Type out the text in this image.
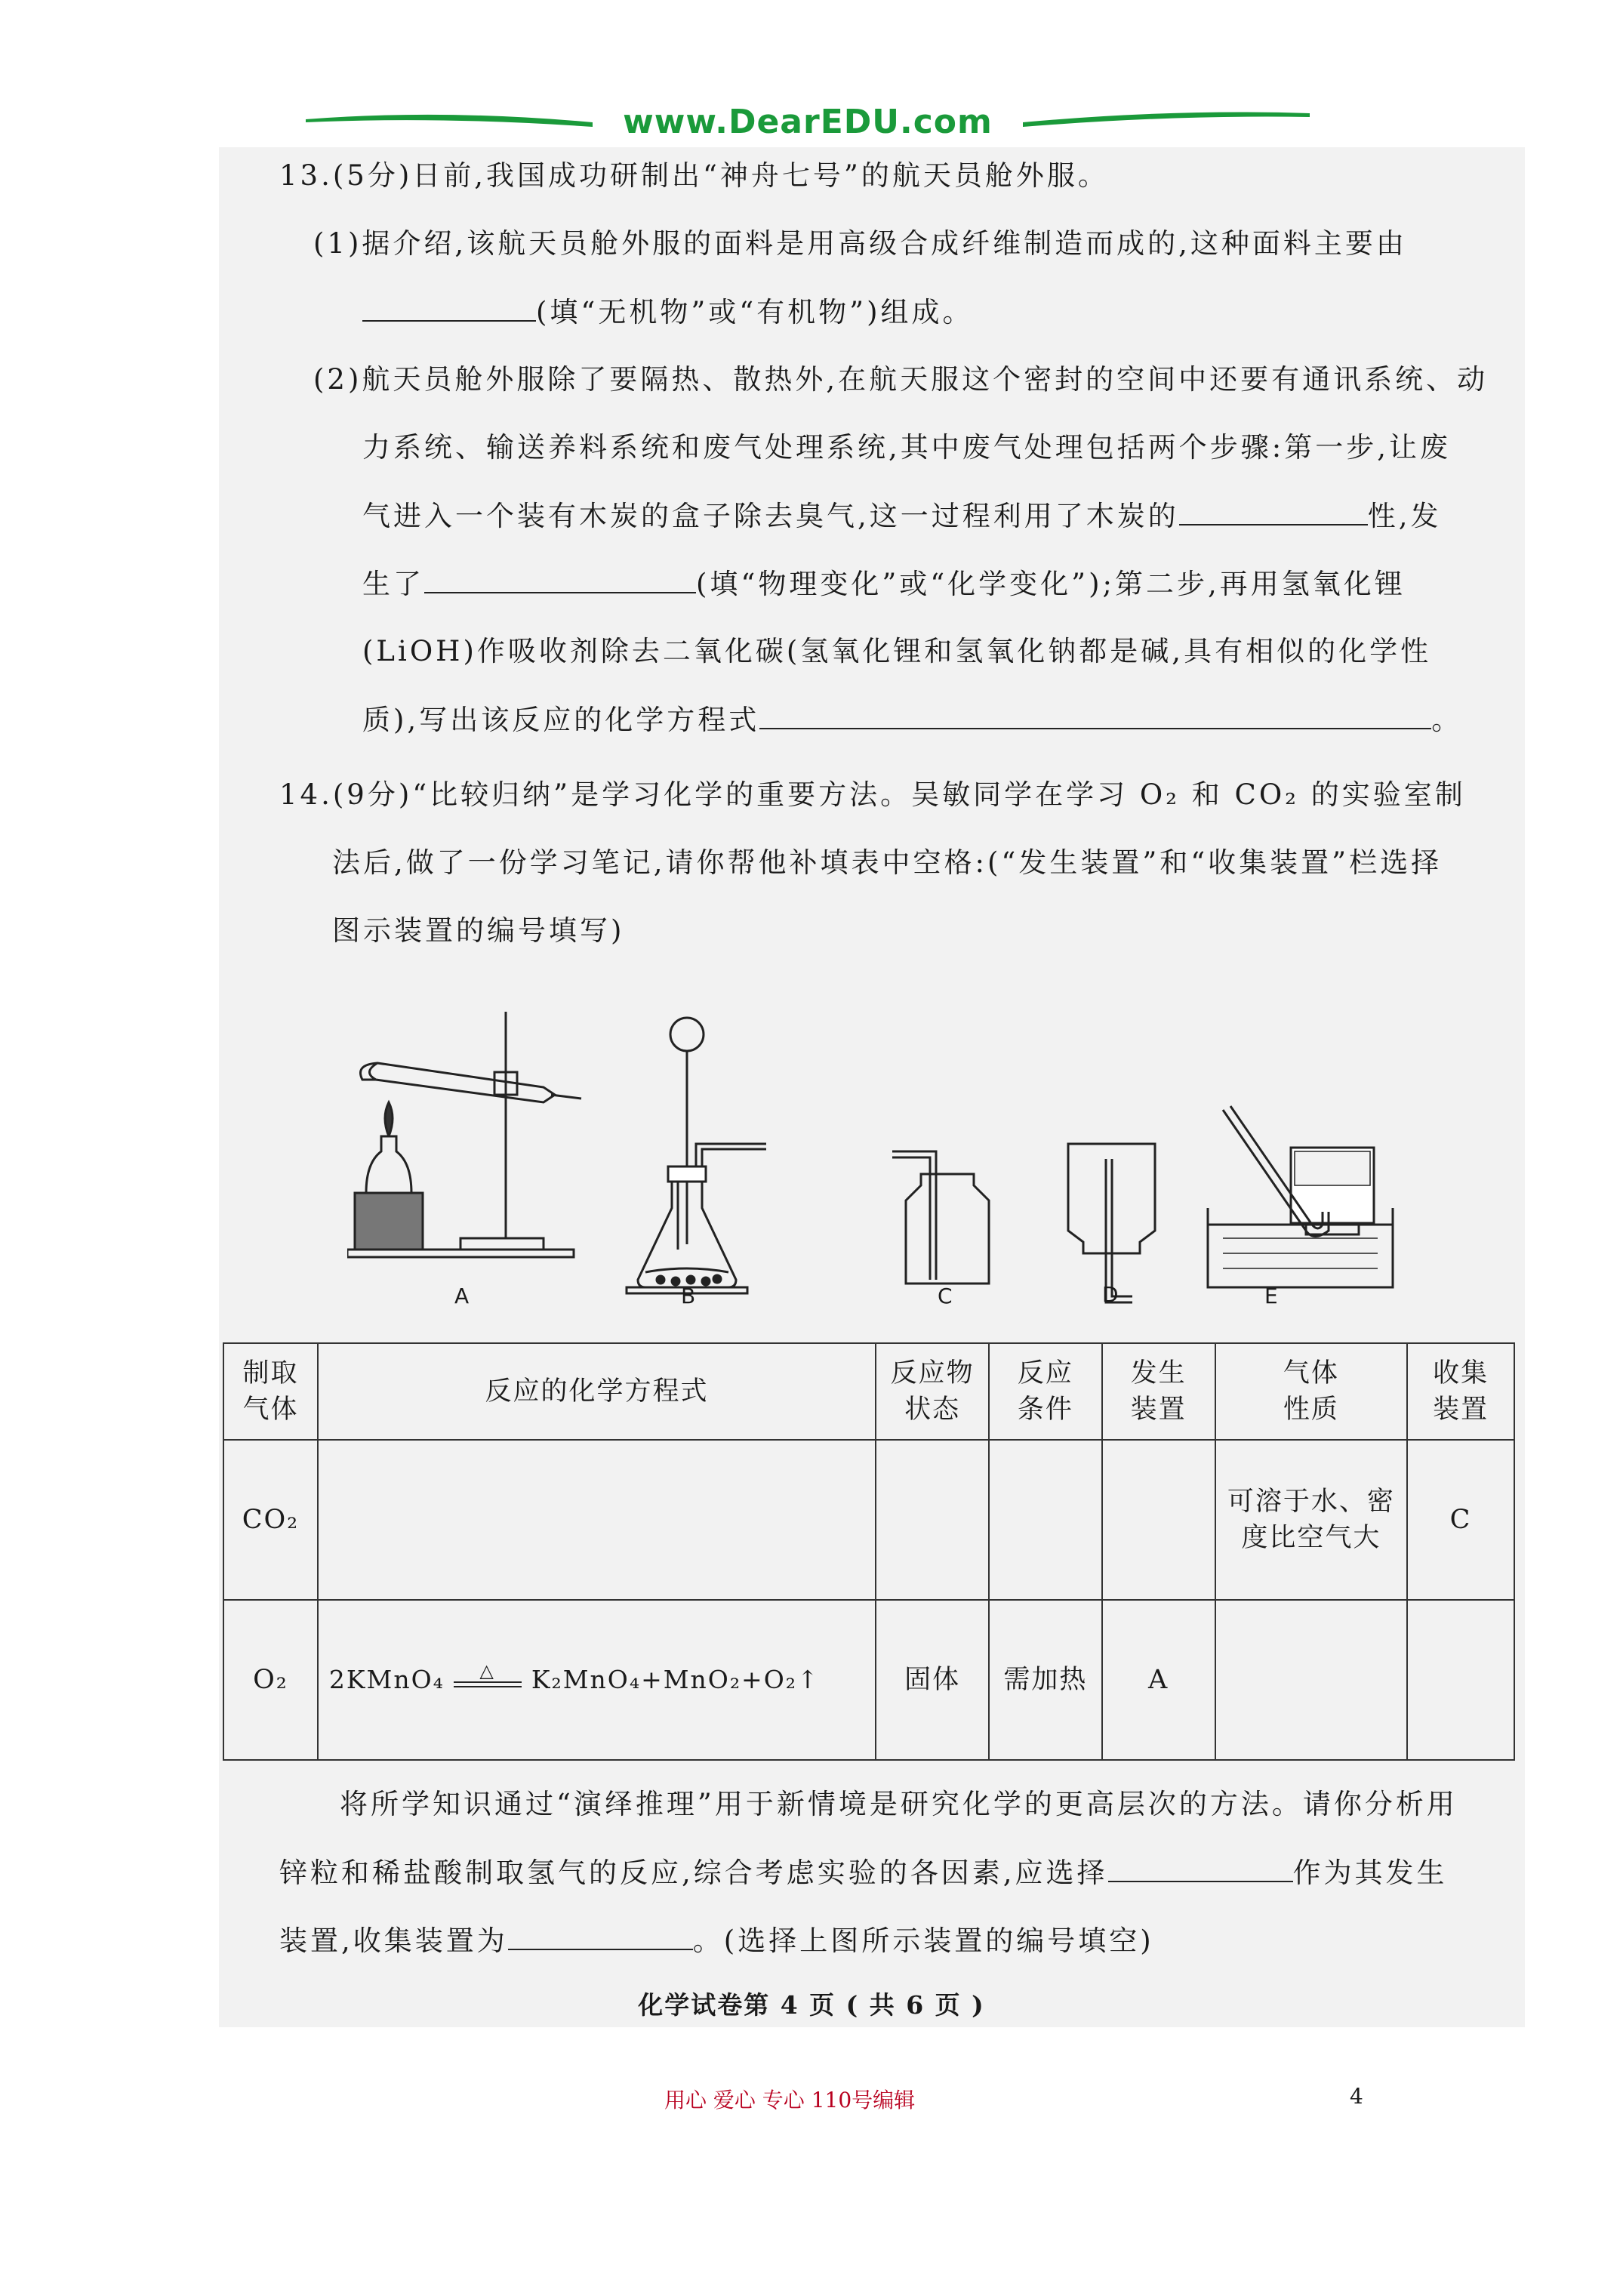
www.DearEDU.com
13.(5分)日前,我国成功研制出“神舟七号”的航天员舱外服。
(1)据介绍,该航天员舱外服的面料是用高级合成纤维制造而成的,这种面料主要由
(填“无机物”或“有机物”)组成。
(2)航天员舱外服除了要隔热、散热外,在航天服这个密封的空间中还要有通讯系统、动
力系统、输送养料系统和废气处理系统,其中废气处理包括两个步骤:第一步,让废
气进入一个装有木炭的盒子除去臭气,这一过程利用了木炭的	性,发
生了	(填“物理变化”或“化学变化”);第二步,再用氢氧化锂
(LiOH)作吸收剂除去二氧化碳(氢氧化锂和氢氧化钠都是碱,具有相似的化学性
质),写出该反应的化学方程式	。
14.(9分)“比较归纳”是学习化学的重要方法。吴敏同学在学习 O₂ 和 CO₂ 的实验室制
法后,做了一份学习笔记,请你帮他补填表中空格:(“发生装置”和“收集装置”栏选择
图示装置的编号填写)
A	B	C	D	E
制取
气体	反应的化学方程式	反应物
状态	反应
条件	发生
装置	气体
性质	收集
装置
CO₂					可溶于水、密
度比空气大	C
O₂	2KMnO₄ △ K₂MnO₄+MnO₂+O₂↑	固体	需加热	A		
将所学知识通过“演绎推理”用于新情境是研究化学的更高层次的方法。请你分析用
锌粒和稀盐酸制取氢气的反应,综合考虑实验的各因素,应选择	作为其发生
装置,收集装置为	。(选择上图所示装置的编号填空)
化学试卷第 4 页 ( 共 6 页 )
用心 爱心 专心 110号编辑	4
